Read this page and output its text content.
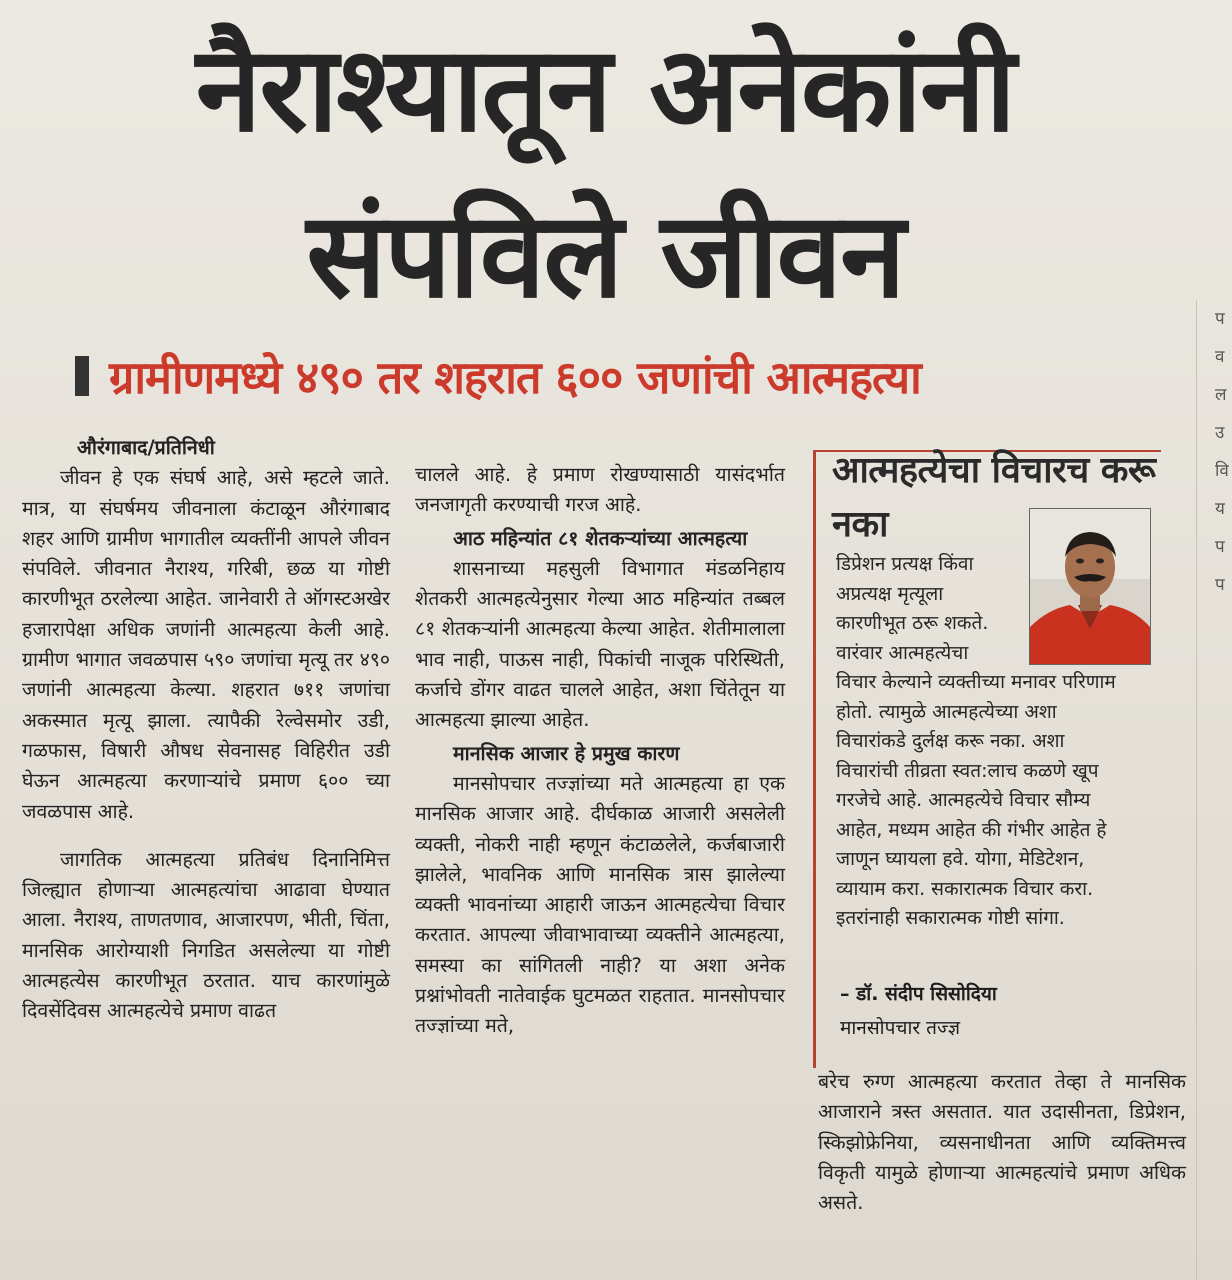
नैराश्यातून अनेकांनी
संपविले जीवन
ग्रामीणमध्ये ४९० तर शहरात ६०० जणांची आत्महत्या

औरंगाबाद/प्रतिनिधी

जीवन हे एक संघर्ष आहे, असे म्हटले जाते. मात्र, या संघर्षमय जीवनाला कंटाळून औरंगाबाद शहर आणि ग्रामीण भागातील व्यक्तींनी आपले जीवन संपविले. जीवनात नैराश्य, गरिबी, छळ या गोष्टी कारणीभूत ठरलेल्या आहेत. जानेवारी ते ऑगस्टअखेर हजारापेक्षा अधिक जणांनी आत्महत्या केली आहे. ग्रामीण भागात जवळपास ५९० जणांचा मृत्यू तर ४९० जणांनी आत्महत्या केल्या. शहरात ७११ जणांचा अकस्मात मृत्यू झाला. त्यापैकी रेल्वेसमोर उडी, गळफास, विषारी औषध सेवनासह विहिरीत उडी घेऊन आत्महत्या करणाऱ्यांचे प्रमाण ६०० च्या जवळपास आहे.

जागतिक आत्महत्या प्रतिबंध दिनानिमित्त जिल्ह्यात होणाऱ्या आत्महत्यांचा आढावा घेण्यात आला. नैराश्य, ताणतणाव, आजारपण, भीती, चिंता, मानसिक आरोग्याशी निगडित असलेल्या या गोष्टी आत्महत्येस कारणीभूत ठरतात. याच कारणांमुळे दिवसेंदिवस आत्महत्येचे प्रमाण वाढत

चालले आहे. हे प्रमाण रोखण्यासाठी यासंदर्भात जनजागृती करण्याची गरज आहे.

आठ महिन्यांत ८१ शेतकऱ्यांच्या आत्महत्या

शासनाच्या महसुली विभागात मंडळनिहाय शेतकरी आत्महत्येनुसार गेल्या आठ महिन्यांत तब्बल ८१ शेतकऱ्यांनी आत्महत्या केल्या आहेत. शेतीमालाला भाव नाही, पाऊस नाही, पिकांची नाजूक परिस्थिती, कर्जाचे डोंगर वाढत चालले आहेत, अशा चिंतेतून या आत्महत्या झाल्या आहेत.

मानसिक आजार हे प्रमुख कारण

मानसोपचार तज्ज्ञांच्या मते आत्महत्या हा एक मानसिक आजार आहे. दीर्घकाळ आजारी असलेली व्यक्ती, नोकरी नाही म्हणून कंटाळलेले, कर्जबाजारी झालेले, भावनिक आणि मानसिक त्रास झालेल्या व्यक्ती भावनांच्या आहारी जाऊन आत्महत्येचा विचार करतात. आपल्या जीवाभावाच्या व्यक्तीने आत्महत्या, समस्या का सांगितली नाही? या अशा अनेक प्रश्नांभोवती नातेवाईक घुटमळत राहतात. मानसोपचार तज्ज्ञांच्या मते,

आत्महत्येचा विचारच करू नका
डिप्रेशन प्रत्यक्ष किंवा
अप्रत्यक्ष मृत्यूला
कारणीभूत ठरू शकते.
वारंवार आत्महत्येचा
विचार केल्याने व्यक्तीच्या मनावर परिणाम
होतो. त्यामुळे आत्महत्येच्या अशा
विचारांकडे दुर्लक्ष करू नका. अशा
विचारांची तीव्रता स्वत:लाच कळणे खूप
गरजेचे आहे. आत्महत्येचे विचार सौम्य
आहेत, मध्यम आहेत की गंभीर आहेत हे
जाणून घ्यायला हवे. योगा, मेडिटेशन,
व्यायाम करा. सकारात्मक विचार करा.
इतरांनाही सकारात्मक गोष्टी सांगा.
– डॉ. संदीप सिसोदिया
मानसोपचार तज्ज्ञ

बरेच रुग्ण आत्महत्या करतात तेव्हा ते मानसिक आजाराने त्रस्त असतात. यात उदासीनता, डिप्रेशन, स्किझोफ्रेनिया, व्यसनाधीनता आणि व्यक्तिमत्त्व विकृती यामुळे होणाऱ्या आत्महत्यांचे प्रमाण अधिक असते.

प
व
ल
उ
वि
य
प
प
